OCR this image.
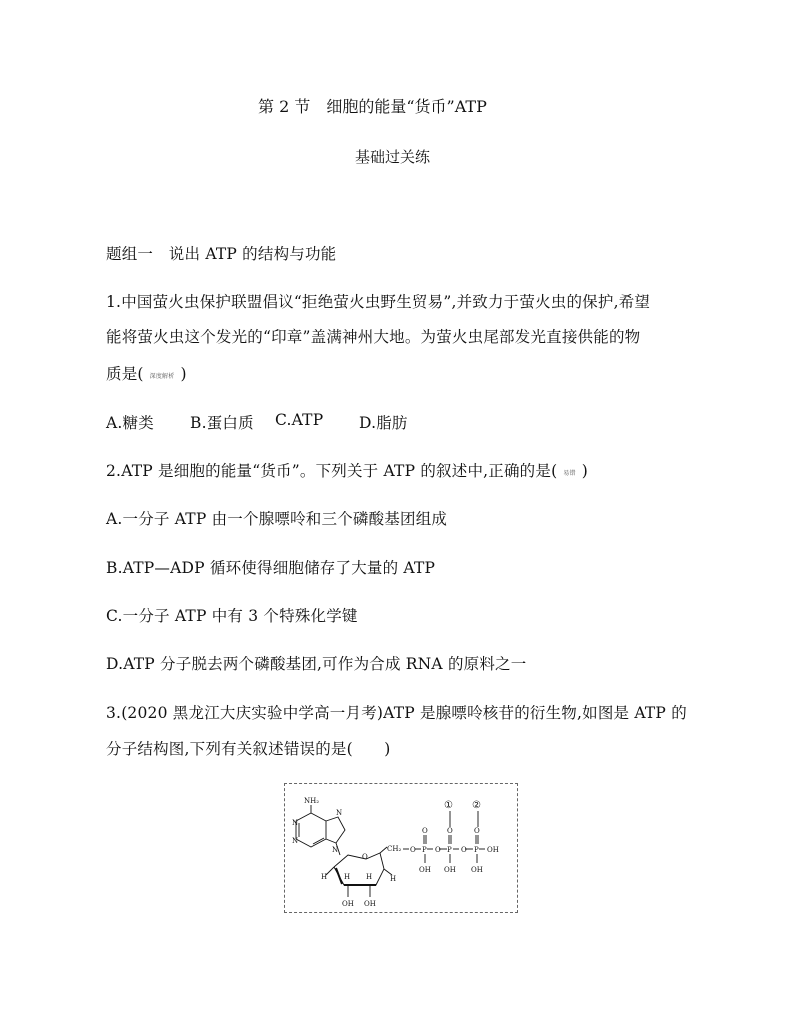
第 2 节　细胞的能量“货币”ATP
基础过关练
题组一　说出 ATP 的结构与功能
1.中国萤火虫保护联盟倡议“拒绝萤火虫野生贸易”,并致力于萤火虫的保护,希望
能将萤火虫这个发光的“印章”盖满神州大地。为萤火虫尾部发光直接供能的物
质是( 深度解析 )
A.糖类 B.蛋白质 C.ATP D.脂肪
2.ATP 是细胞的能量“货币”。下列关于 ATP 的叙述中,正确的是( 易错 )
A.一分子 ATP 由一个腺嘌呤和三个磷酸基团组成
B.ATP—ADP 循环使得细胞储存了大量的 ATP
C.一分子 ATP 中有 3 个特殊化学键
D.ATP 分子脱去两个磷酸基团,可作为合成 RNA 的原料之一
3.(2020 黑龙江大庆实验中学高一月考)ATP 是腺嘌呤核苷的衍生物,如图是 ATP 的
分子结构图,下列有关叙述错误的是(　　)
NH₂
N
N
N
N
H H H	H
OH OH
O
CH₂ O P O P O P OH
O	O	O
OH OH OH
① ②
